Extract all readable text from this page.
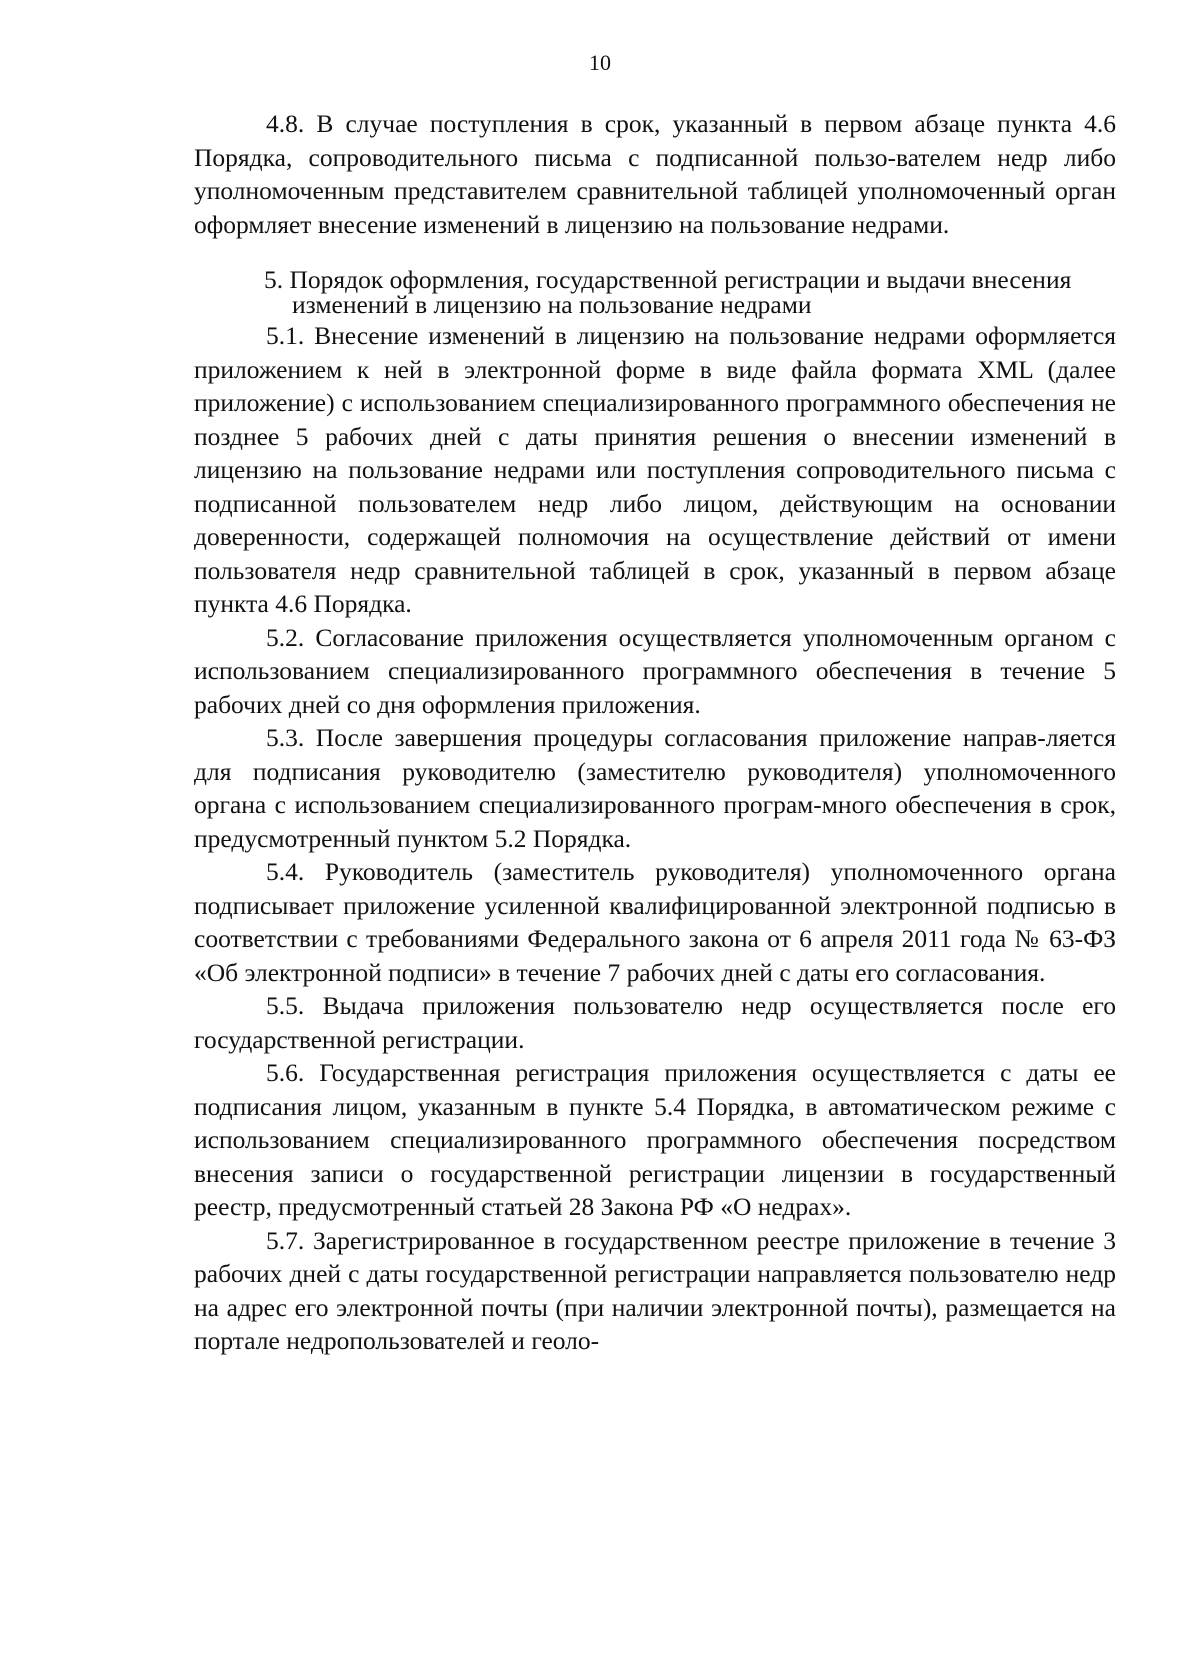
10

4.8. В случае поступления в срок, указанный в первом абзаце пункта 4.6 Порядка, сопроводительного письма с подписанной пользо-вателем недр либо уполномоченным представителем сравнительной таблицей уполномоченный орган оформляет внесение изменений в лицензию на пользование недрами.

5. Порядок оформления, государственной регистрации и выдачи внесения
изменений в лицензию на пользование недрами

5.1. Внесение изменений в лицензию на пользование недрами оформляется приложением к ней в электронной форме в виде файла формата XML (далее приложение) с использованием специализированного программного обеспечения не позднее 5 рабочих дней с даты принятия решения о внесении изменений в лицензию на пользование недрами или поступления сопроводительного письма с подписанной пользователем недр либо лицом, действующим на основании доверенности, содержащей полномочия на осуществление действий от имени пользователя недр сравнительной таблицей в срок, указанный в первом абзаце пункта 4.6 Порядка.

5.2. Согласование приложения осуществляется уполномоченным органом с использованием специализированного программного обеспечения в течение 5 рабочих дней со дня оформления приложения.

5.3. После завершения процедуры согласования приложение направ-ляется для подписания руководителю (заместителю руководителя) уполномоченного органа с использованием специализированного програм-много обеспечения в срок, предусмотренный пунктом 5.2 Порядка.

5.4. Руководитель (заместитель руководителя) уполномоченного органа подписывает приложение усиленной квалифицированной электронной подписью в соответствии с требованиями Федерального закона от 6 апреля 2011 года № 63-ФЗ «Об электронной подписи» в течение 7 рабочих дней с даты его согласования.

5.5. Выдача приложения пользователю недр осуществляется после его государственной регистрации.

5.6. Государственная регистрация приложения осуществляется с даты ее подписания лицом, указанным в пункте 5.4 Порядка, в автоматическом режиме с использованием специализированного программного обеспечения посредством внесения записи о государственной регистрации лицензии в государственный реестр, предусмотренный статьей 28 Закона РФ «О недрах».

5.7. Зарегистрированное в государственном реестре приложение в течение 3 рабочих дней с даты государственной регистрации направляется пользователю недр на адрес его электронной почты (при наличии электронной почты), размещается на портале недропользователей и геоло-
